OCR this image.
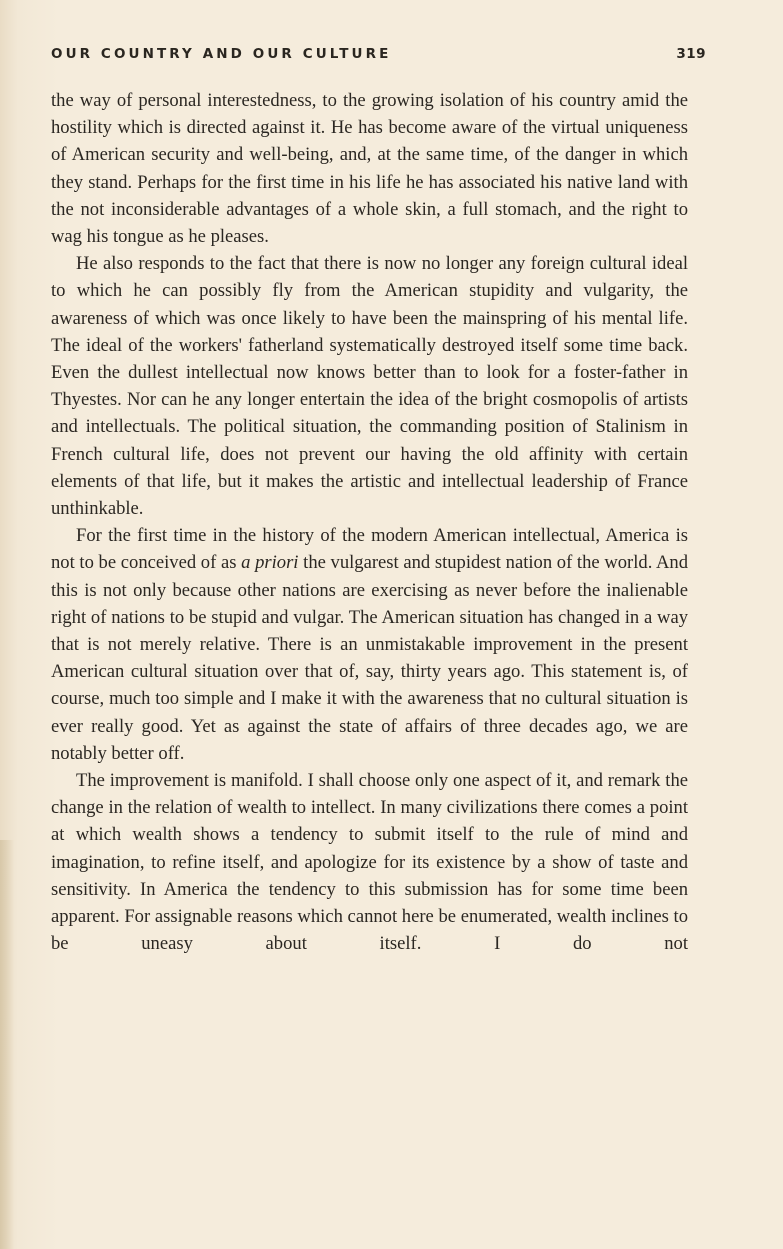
OUR COUNTRY AND OUR CULTURE	319

the way of personal interestedness, to the growing isolation of his country amid the hostility which is directed against it. He has become aware of the virtual uniqueness of American security and well-being, and, at the same time, of the danger in which they stand. Perhaps for the first time in his life he has associated his native land with the not inconsiderable advantages of a whole skin, a full stomach, and the right to wag his tongue as he pleases.

He also responds to the fact that there is now no longer any foreign cultural ideal to which he can possibly fly from the American stupidity and vulgarity, the awareness of which was once likely to have been the mainspring of his mental life. The ideal of the workers' fatherland systematically destroyed itself some time back. Even the dullest intellectual now knows better than to look for a foster-father in Thyestes. Nor can he any longer entertain the idea of the bright cosmopolis of artists and intellectuals. The political situation, the commanding position of Stalinism in French cultural life, does not prevent our having the old affinity with certain elements of that life, but it makes the artistic and intellectual leadership of France unthinkable.

For the first time in the history of the modern American intellectual, America is not to be conceived of as a priori the vulgarest and stupidest nation of the world. And this is not only because other nations are exercising as never before the inalienable right of nations to be stupid and vulgar. The American situation has changed in a way that is not merely relative. There is an unmistakable improvement in the present American cultural situation over that of, say, thirty years ago. This statement is, of course, much too simple and I make it with the awareness that no cultural situation is ever really good. Yet as against the state of affairs of three decades ago, we are notably better off.

The improvement is manifold. I shall choose only one aspect of it, and remark the change in the relation of wealth to intellect. In many civilizations there comes a point at which wealth shows a tendency to submit itself to the rule of mind and imagination, to refine itself, and apologize for its existence by a show of taste and sensitivity. In America the tendency to this submission has for some time been apparent. For assignable reasons which cannot here be enumerated, wealth inclines to be uneasy about itself. I do not
